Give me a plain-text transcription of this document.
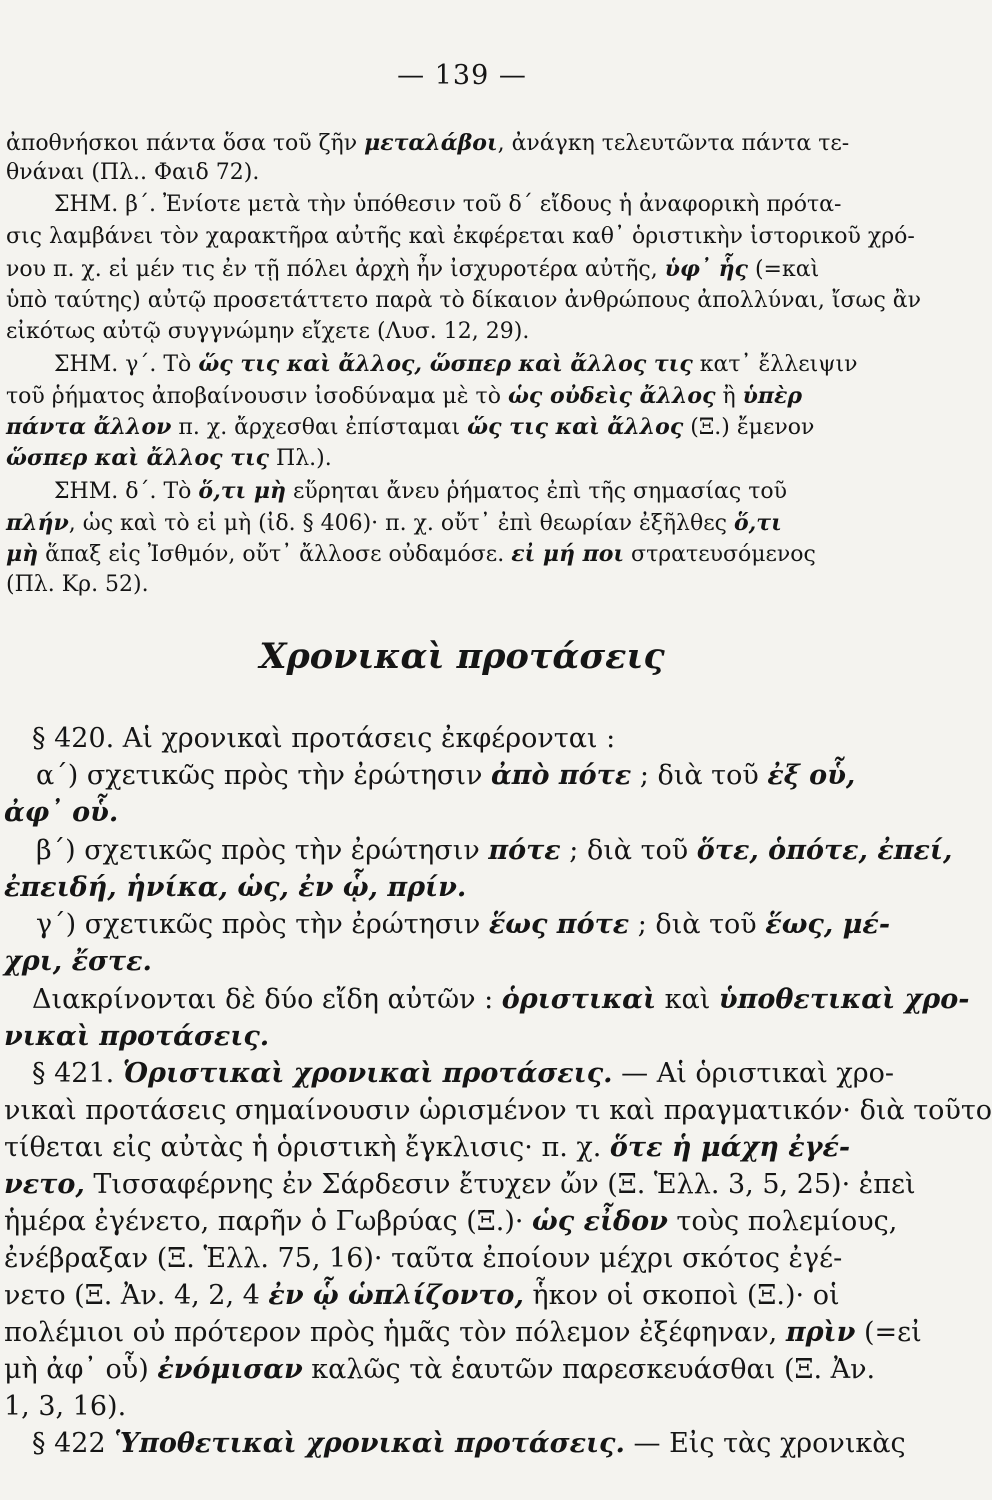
— 139 —
ἀποθνήσκοι πάντα ὅσα τοῦ ζῆν μεταλάβοι, ἀνάγκη τελευτῶντα πάντα τε-
θνάναι (Πλ.. Φαιδ 72).
ΣΗΜ. β΄. Ἐνίοτε μετὰ τὴν ὑπόθεσιν τοῦ δ΄ εἴδους ἡ ἀναφορικὴ πρότα-
σις λαμβάνει τὸν χαρακτῆρα αὐτῆς καὶ ἐκφέρεται καθ᾽ ὁριστικὴν ἱστορικοῦ χρό-
νου π. χ. εἰ μέν τις ἐν τῇ πόλει ἀρχὴ ἦν ἰσχυροτέρα αὐτῆς, ὑφ᾽ ἧς (=καὶ
ὑπὸ ταύτης) αὐτῷ προσετάττετο παρὰ τὸ δίκαιον ἀνθρώπους ἀπολλύναι, ἴσως ἂν
εἰκότως αὐτῷ συγγνώμην εἴχετε (Λυσ. 12, 29).
ΣΗΜ. γ΄. Τὸ ὥς τις καὶ ἄλλος, ὥσπερ καὶ ἄλλος τις κατ᾽ ἔλλειψιν
τοῦ ῥήματος ἀποβαίνουσιν ἰσοδύναμα μὲ τὸ ὡς οὐδεὶς ἄλλος ἢ ὑπὲρ
πάντα ἄλλον π. χ. ἄρχεσθαι ἐπίσταμαι ὥς τις καὶ ἄλλος (Ξ.) ἔμενον
ὥσπερ καὶ ἄλλος τις Πλ.).
ΣΗΜ. δ΄. Τὸ ὅ,τι μὴ εὕρηται ἄνευ ῥήματος ἐπὶ τῆς σημασίας τοῦ
πλήν, ὡς καὶ τὸ εἰ μὴ (ἰδ. § 406)· π. χ. οὔτ᾽ ἐπὶ θεωρίαν ἐξῆλθες ὅ,τι
μὴ ἅπαξ εἰς Ἰσθμόν, οὔτ᾽ ἄλλοσε οὐδαμόσε. εἰ μή ποι στρατευσόμενος
(Πλ. Κρ. 52).
Χρονικαὶ προτάσεις
§ 420. Αἱ χρονικαὶ προτάσεις ἐκφέρονται :
α΄) σχετικῶς πρὸς τὴν ἐρώτησιν ἀπὸ πότε ; διὰ τοῦ ἐξ οὗ,
ἀφ᾽ οὗ.
β΄) σχετικῶς πρὸς τὴν ἐρώτησιν πότε ; διὰ τοῦ ὅτε, ὁπότε, ἐπεί,
ἐπειδή, ἡνίκα, ὡς, ἐν ᾧ, πρίν.
γ΄) σχετικῶς πρὸς τὴν ἐρώτησιν ἕως πότε ; διὰ τοῦ ἕως, μέ-
χρι, ἔστε.
Διακρίνονται δὲ δύο εἴδη αὐτῶν : ὁριστικαὶ καὶ ὑποθετικαὶ χρο-
νικαὶ προτάσεις.
§ 421. Ὁριστικαὶ χρονικαὶ προτάσεις. — Αἱ ὁριστικαὶ χρο-
νικαὶ προτάσεις σημαίνουσιν ὡρισμένον τι καὶ πραγματικόν· διὰ τοῦτο
τίθεται εἰς αὐτὰς ἡ ὁριστικὴ ἔγκλισις· π. χ. ὅτε ἡ μάχη ἐγέ-
νετο, Τισσαφέρνης ἐν Σάρδεσιν ἔτυχεν ὤν (Ξ. Ἑλλ. 3, 5, 25)· ἐπεὶ
ἡμέρα ἐγένετο, παρῆν ὁ Γωβρύας (Ξ.)· ὡς εἶδον τοὺς πολεμίους,
ἐνέβραξαν (Ξ. Ἑλλ. 75, 16)· ταῦτα ἐποίουν μέχρι σκότος ἐγέ-
νετο (Ξ. Ἀν. 4, 2, 4 ἐν ᾧ ὡπλίζοντο, ἧκον οἱ σκοποὶ (Ξ.)· οἱ
πολέμιοι οὐ πρότερον πρὸς ἡμᾶς τὸν πόλεμον ἐξέφηναν, πρὶν (=εἰ
μὴ ἀφ᾽ οὗ) ἐνόμισαν καλῶς τὰ ἑαυτῶν παρεσκευάσθαι (Ξ. Ἀν.
1, 3, 16).
§ 422 Ὑποθετικαὶ χρονικαὶ προτάσεις. — Εἰς τὰς χρονικὰς
